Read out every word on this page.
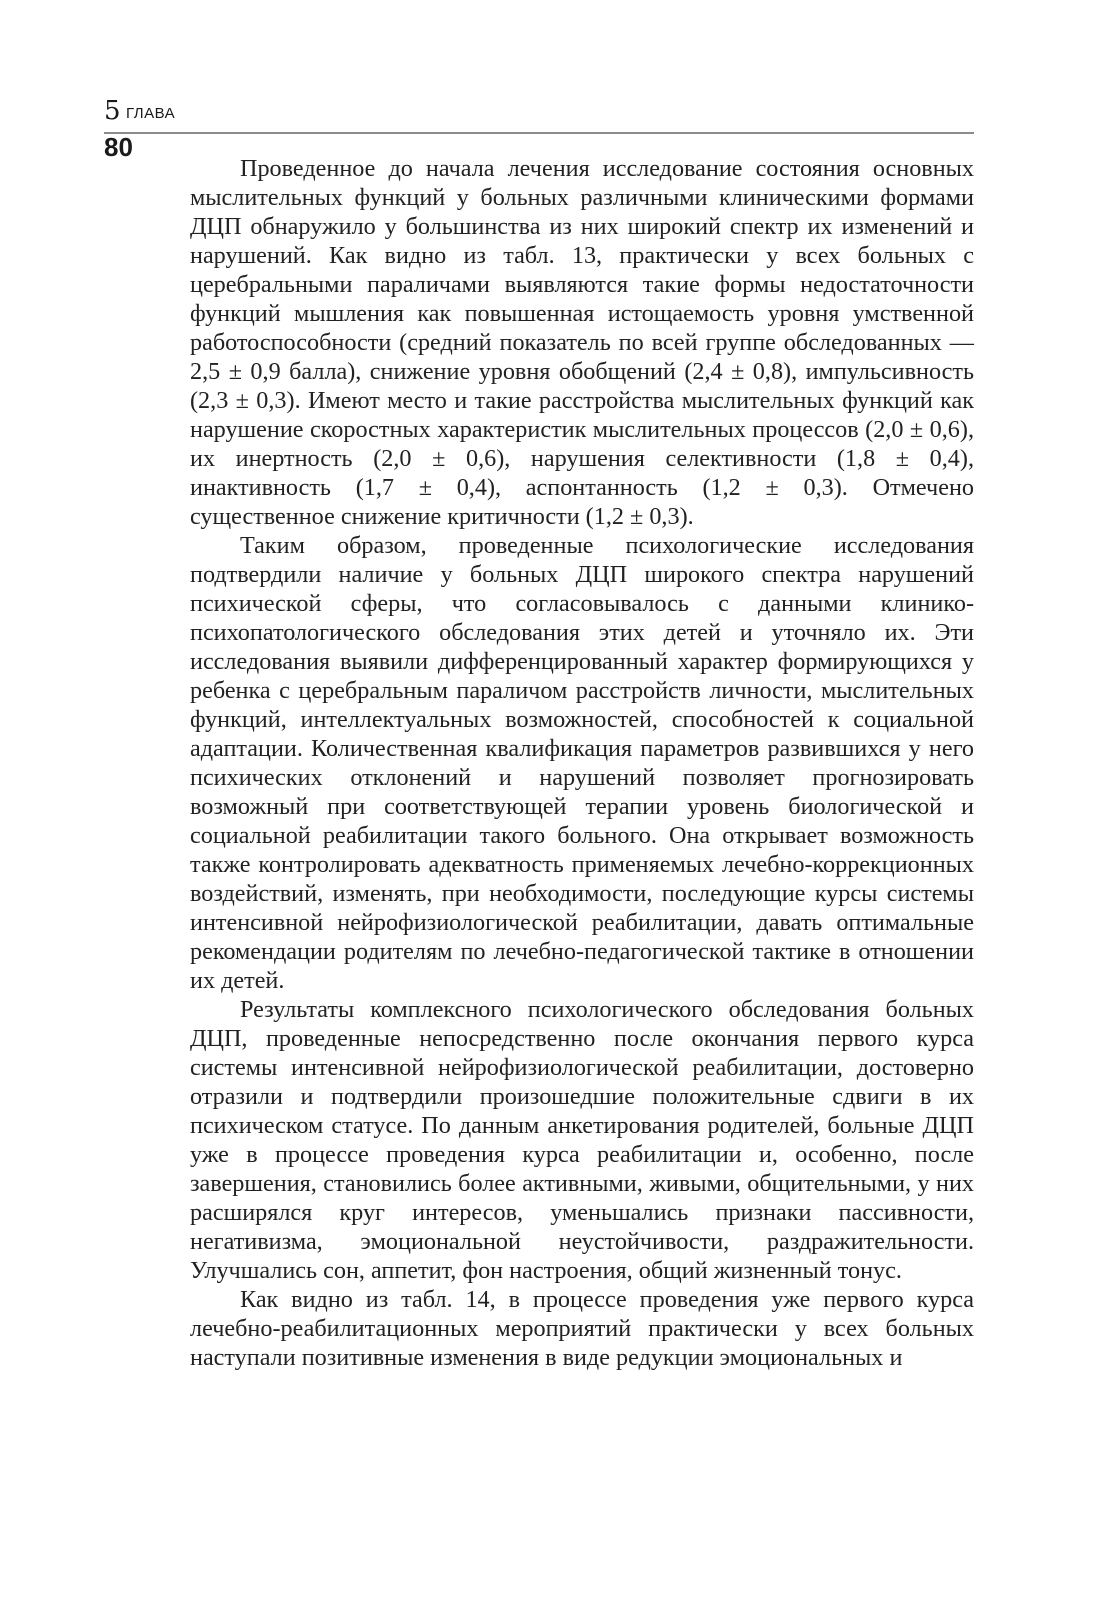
5 ГЛАВА
80

Проведенное до начала лечения исследование состояния основных мыслительных функций у больных различными клиническими формами ДЦП обнаружило у большинства из них широкий спектр их изменений и нарушений. Как видно из табл. 13, практически у всех больных с церебральными параличами выявляются такие формы недостаточности функций мышления как повышенная истощаемость уровня умственной работоспособности (средний показатель по всей группе обследованных — 2,5 ± 0,9 балла), снижение уровня обобщений (2,4 ± 0,8), импульсивность (2,3 ± 0,3). Имеют место и такие расстройства мыслительных функций как нарушение скоростных характеристик мыслительных процессов (2,0 ± 0,6), их инертность (2,0 ± 0,6), нарушения селективности (1,8 ± 0,4), инактивность (1,7 ± 0,4), аспонтанность (1,2 ± 0,3). Отмечено существенное снижение критичности (1,2 ± 0,3).

Таким образом, проведенные психологические исследования подтвердили наличие у больных ДЦП широкого спектра нарушений психической сферы, что согласовывалось с данными клинико-психопатологического обследования этих детей и уточняло их. Эти исследования выявили дифференцированный характер формирующихся у ребенка с церебральным параличом расстройств личности, мыслительных функций, интеллектуальных возможностей, способностей к социальной адаптации. Количественная квалификация параметров развившихся у него психических отклонений и нарушений позволяет прогнозировать возможный при соответствующей терапии уровень биологической и социальной реабилитации такого больного. Она открывает возможность также контролировать адекватность применяемых лечебно-коррекционных воздействий, изменять, при необходимости, последующие курсы системы интенсивной нейрофизиологической реабилитации, давать оптимальные рекомендации родителям по лечебно-педагогической тактике в отношении их детей.

Результаты комплексного психологического обследования больных ДЦП, проведенные непосредственно после окончания первого курса системы интенсивной нейрофизиологической реабилитации, достоверно отразили и подтвердили произошедшие положительные сдвиги в их психическом статусе. По данным анкетирования родителей, больные ДЦП уже в процессе проведения курса реабилитации и, особенно, после завершения, становились более активными, живыми, общительными, у них расширялся круг интересов, уменьшались признаки пассивности, негативизма, эмоциональной неустойчивости, раздражительности. Улучшались сон, аппетит, фон настроения, общий жизненный тонус.

Как видно из табл. 14, в процессе проведения уже первого курса лечебно-реабилитационных мероприятий практически у всех больных наступали позитивные изменения в виде редукции эмоциональных и
